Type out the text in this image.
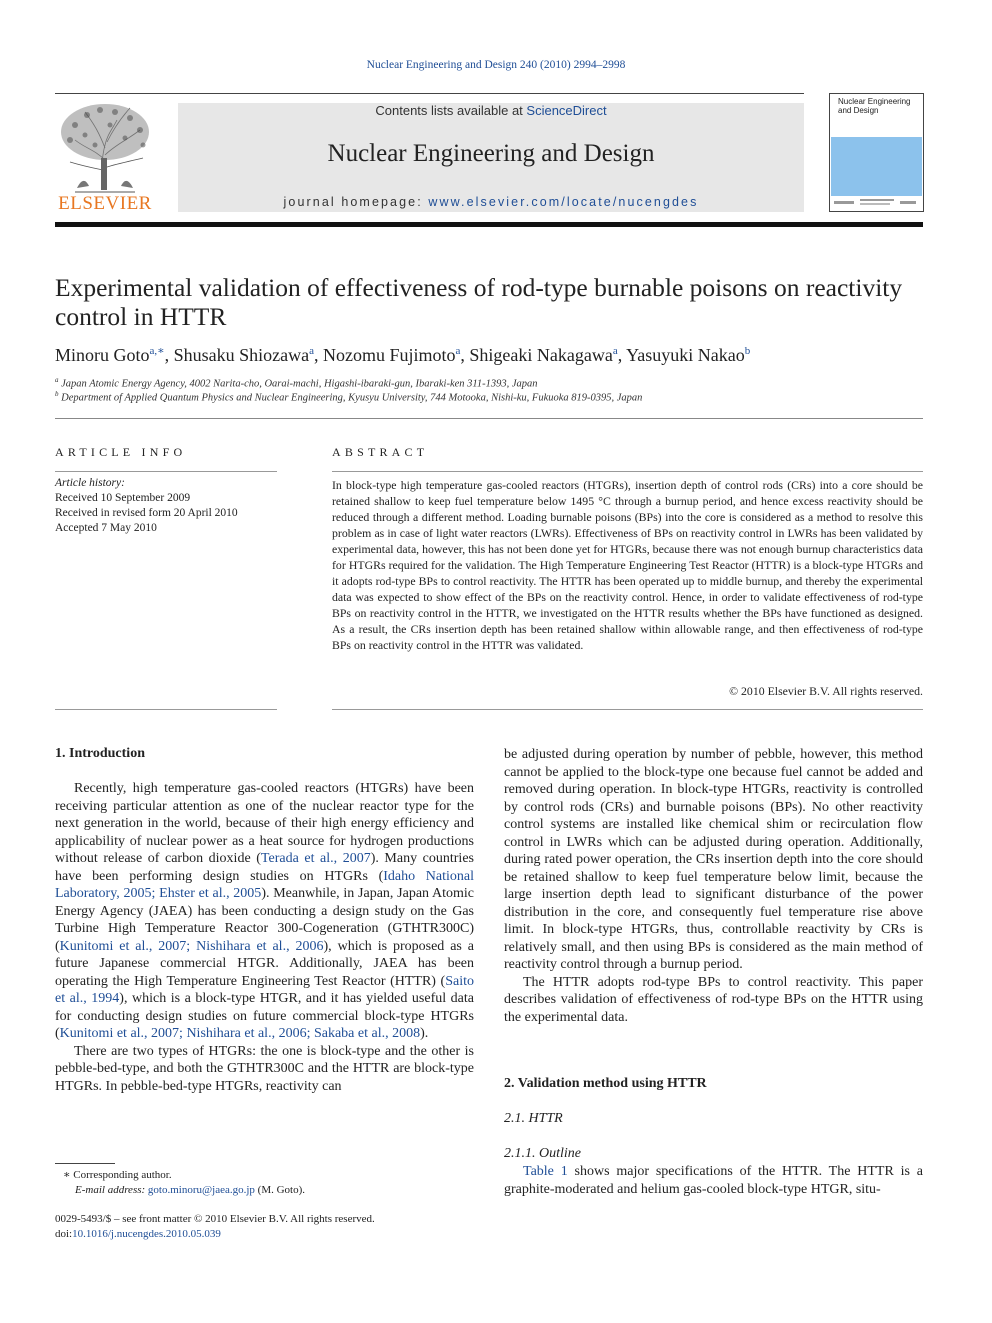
Nuclear Engineering and Design 240 (2010) 2994–2998
ELSEVIER
Contents lists available at ScienceDirect
Nuclear Engineering and Design
journal homepage: www.elsevier.com/locate/nucengdes
Nuclear Engineering and Design
Experimental validation of effectiveness of rod-type burnable poisons on reactivity control in HTTR
Minoru Goto$^{a,∗}$, Shusaku Shiozawa$^a$, Nozomu Fujimoto$^a$, Shigeaki Nakagawa$^a$, Yasuyuki Nakao$^b$
$^a$ Japan Atomic Energy Agency, 4002 Narita-cho, Oarai-machi, Higashi-ibaraki-gun, Ibaraki-ken 311-1393, Japan
$^b$ Department of Applied Quantum Physics and Nuclear Engineering, Kyusyu University, 744 Motooka, Nishi-ku, Fukuoka 819-0395, Japan
ARTICLE INFO	ABSTRACT
Article history:
Received 10 September 2009
Received in revised form 20 April 2010
Accepted 7 May 2010
In block-type high temperature gas-cooled reactors (HTGRs), insertion depth of control rods (CRs) into a core should be retained shallow to keep fuel temperature below 1495 °C through a burnup period, and hence excess reactivity should be reduced through a different method. Loading burnable poisons (BPs) into the core is considered as a method to resolve this problem as in case of light water reactors (LWRs). Effectiveness of BPs on reactivity control in LWRs has been validated by experimental data, however, this has not been done yet for HTGRs, because there was not enough burnup characteristics data for HTGRs required for the validation. The High Temperature Engineering Test Reactor (HTTR) is a block-type HTGRs and it adopts rod-type BPs to control reactivity. The HTTR has been operated up to middle burnup, and thereby the experimental data was expected to show effect of the BPs on the reactivity control. Hence, in order to validate effectiveness of rod-type BPs on reactivity control in the HTTR, we investigated on the HTTR results whether the BPs have functioned as designed. As a result, the CRs insertion depth has been retained shallow within allowable range, and then effectiveness of rod-type BPs on reactivity control in the HTTR was validated.
© 2010 Elsevier B.V. All rights reserved.
1. Introduction

Recently, high temperature gas-cooled reactors (HTGRs) have been receiving particular attention as one of the nuclear reactor type for the next generation in the world, because of their high energy efficiency and applicability of nuclear power as a heat source for hydrogen productions without release of carbon dioxide (Terada et al., 2007). Many countries have been performing design studies on HTGRs (Idaho National Laboratory, 2005; Ehster et al., 2005). Meanwhile, in Japan, Japan Atomic Energy Agency (JAEA) has been conducting a design study on the Gas Turbine High Temperature Reactor 300-Cogeneration (GTHTR300C) (Kunitomi et al., 2007; Nishihara et al., 2006), which is proposed as a future Japanese commercial HTGR. Additionally, JAEA has been operating the High Temperature Engineering Test Reactor (HTTR) (Saito et al., 1994), which is a block-type HTGR, and it has yielded useful data for conducting design studies on future commercial block-type HTGRs (Kunitomi et al., 2007; Nishihara et al., 2006; Sakaba et al., 2008).

There are two types of HTGRs: the one is block-type and the other is pebble-bed-type, and both the GTHTR300C and the HTTR are block-type HTGRs. In pebble-bed-type HTGRs, reactivity can

be adjusted during operation by number of pebble, however, this method cannot be applied to the block-type one because fuel cannot be added and removed during operation. In block-type HTGRs, reactivity is controlled by control rods (CRs) and burnable poisons (BPs). No other reactivity control systems are installed like chemical shim or recirculation flow control in LWRs which can be adjusted during operation. Additionally, during rated power operation, the CRs insertion depth into the core should be retained shallow to keep fuel temperature below limit, because the large insertion depth lead to significant disturbance of the power distribution in the core, and consequently fuel temperature rise above limit. In block-type HTGRs, thus, controllable reactivity by CRs is relatively small, and then using BPs is considered as the main method of reactivity control through a burnup period.

The HTTR adopts rod-type BPs to control reactivity. This paper describes validation of effectiveness of rod-type BPs on the HTTR using the experimental data.

2. Validation method using HTTR
2.1. HTTR
2.1.1. Outline

Table 1 shows major specifications of the HTTR. The HTTR is a graphite-moderated and helium gas-cooled block-type HTGR, situ-

∗ Corresponding author.
E-mail address: goto.minoru@jaea.go.jp (M. Goto).
0029-5493/$ – see front matter © 2010 Elsevier B.V. All rights reserved.
doi:10.1016/j.nucengdes.2010.05.039
